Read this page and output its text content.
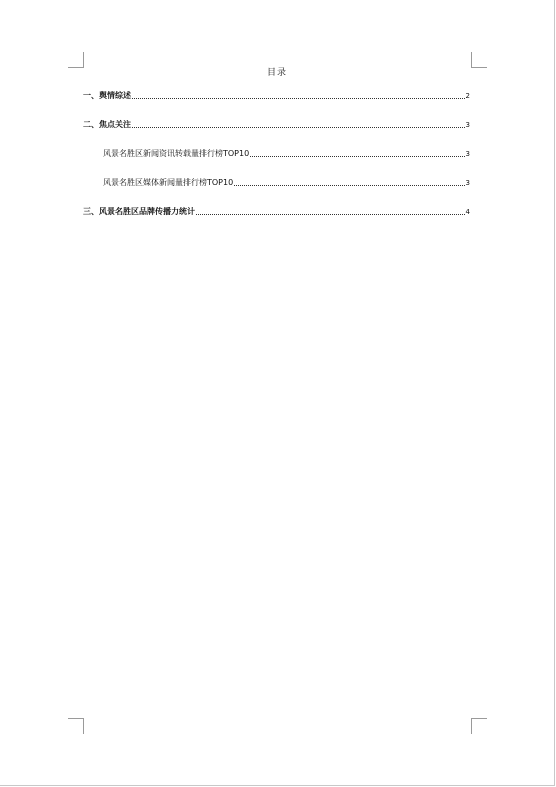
目录
一、舆情综述	2
二、焦点关注	3
风景名胜区新闻资讯转载量排行榜TOP10	3
风景名胜区媒体新闻量排行榜TOP10	3
三、风景名胜区品牌传播力统计	4
